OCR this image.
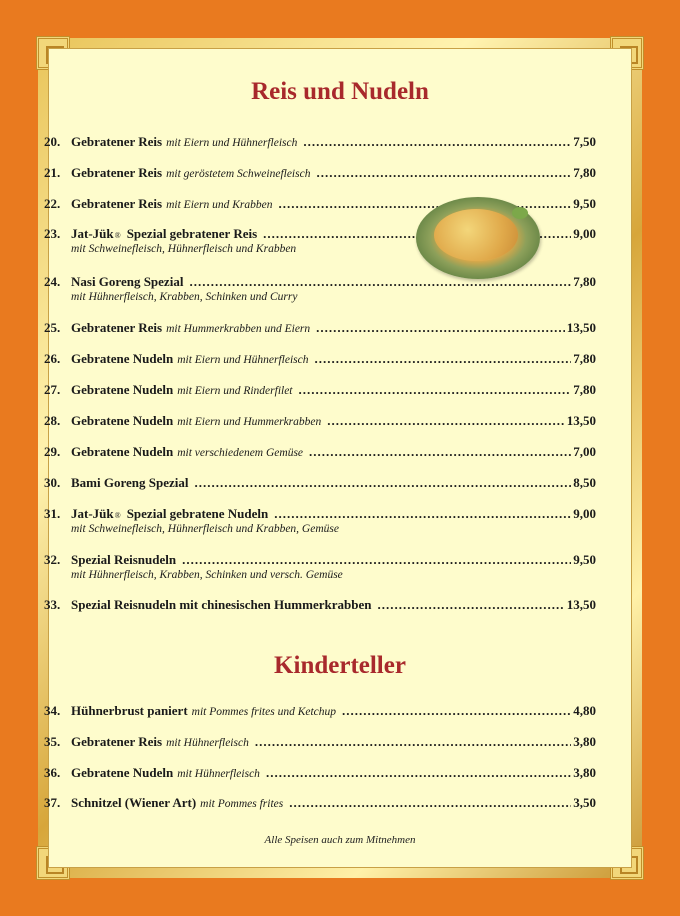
Reis und Nudeln
20. Gebratener Reis mit Eiern und Hühnerfleisch .....	7,50
21. Gebratener Reis mit geröstetem Schweinefleisch .....	7,80
22. Gebratener Reis mit Eiern und Krabben .....	9,50
23. Jat-Jük ® Spezial gebratener Reis .....	9,00
mit Schweinefleisch, Hühnerfleisch und Krabben
24. Nasi Goreng Spezial .....	7,80
mit Hühnerfleisch, Krabben, Schinken und Curry
25. Gebratener Reis mit Hummerkrabben und Eiern .....	13,50
26. Gebratene Nudeln mit Eiern und Hühnerfleisch .....	7,80
27. Gebratene Nudeln mit Eiern und Rinderfilet .....	7,80
28. Gebratene Nudeln mit Eiern und Hummerkrabben .....	13,50
29. Gebratene Nudeln mit verschiedenem Gemüse .....	7,00
30. Bami Goreng Spezial .....	8,50
31. Jat-Jük ® Spezial gebratene Nudeln .....	9,00
mit Schweinefleisch, Hühnerfleisch und Krabben, Gemüse
32. Spezial Reisnudeln .....	9,50
mit Hühnerfleisch, Krabben, Schinken und versch. Gemüse
33. Spezial Reisnudeln mit chinesischen Hummerkrabben .....	13,50
Kinderteller
34. Hühnerbrust paniert mit Pommes frites und Ketchup .....	4,80
35. Gebratener Reis mit Hühnerfleisch .....	3,80
36. Gebratene Nudeln mit Hühnerfleisch .....	3,80
37. Schnitzel (Wiener Art) mit Pommes frites .....	3,50
Alle Speisen auch zum Mitnehmen
